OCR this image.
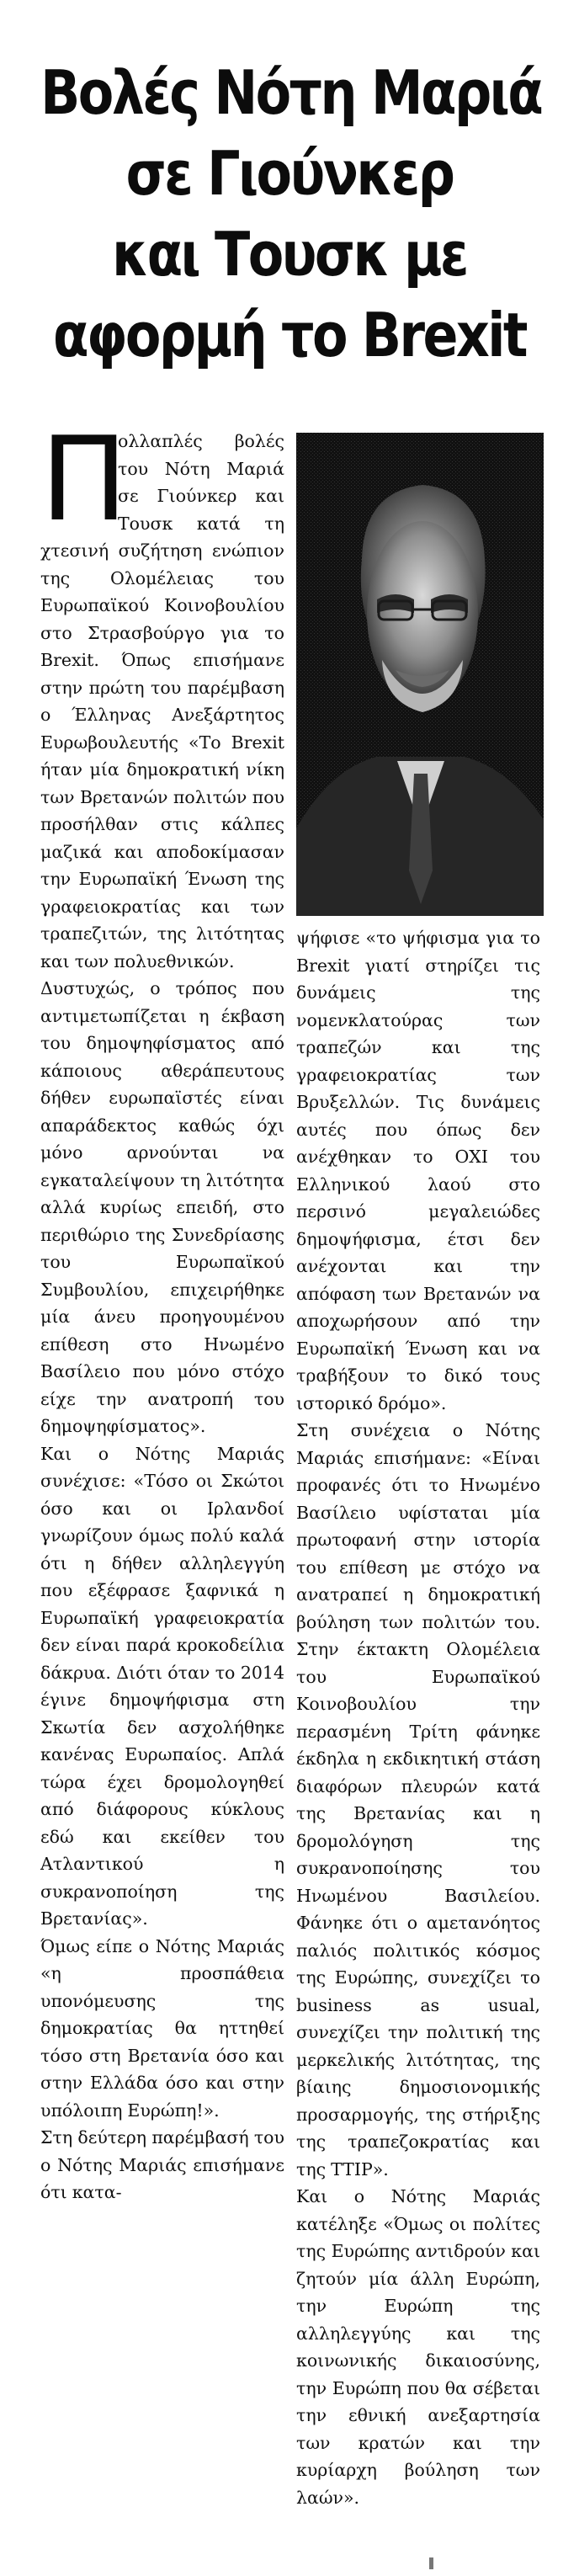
Βολές Νότη Μαριά
σε Γιούνκερ
και Τουσκ με
αφορμή το Brexit

Π
ολλαπλές βολές του Νότη Μαριά σε Γιούνκερ και Τουσκ κατά τη χτεσινή συζήτηση ενώπιον της Ολομέλειας του Ευρωπαϊκού Κοινοβουλίου στο Στρασβούργο για το Brexit. Όπως επισήμανε στην πρώτη του παρέμβαση ο Έλληνας Ανεξάρτητος Ευρωβουλευτής «Το Brexit ήταν μία δημοκρατική νίκη των Βρετανών πολιτών που προσήλθαν στις κάλπες μαζικά και αποδοκίμασαν την Ευρωπαϊκή Ένωση της γραφειοκρατίας και των τραπεζιτών, της λιτότητας και των πολυεθνικών.

Δυστυχώς, ο τρόπος που αντιμετωπίζεται η έκβαση του δημοψηφίσματος από κάποιους αθεράπευτους δήθεν ευρωπαϊστές είναι απαράδεκτος καθώς όχι μόνο αρνούνται να εγκαταλείψουν τη λιτότητα αλλά κυρίως επειδή, στο περιθώριο της Συνεδρίασης του Ευρωπαϊκού Συμβουλίου, επιχειρήθηκε μία άνευ προηγουμένου επίθεση στο Ηνωμένο Βασίλειο που μόνο στόχο είχε την ανατροπή του δημοψηφίσματος».

Και ο Νότης Μαριάς συνέχισε: «Τόσο οι Σκώτοι όσο και οι Ιρλανδοί γνωρίζουν όμως πολύ καλά ότι η δήθεν αλληλεγγύη που εξέφρασε ξαφνικά η Ευρωπαϊκή γραφειοκρατία δεν είναι παρά κροκοδείλια δάκρυα. Διότι όταν το 2014 έγινε δημοψήφισμα στη Σκωτία δεν ασχολήθηκε κανένας Ευρωπαίος. Απλά τώρα έχει δρομολογηθεί από διάφορους κύκλους εδώ και εκείθεν του Ατλαντικού η συκρανοποίηση της Βρετανίας».

Όμως είπε ο Νότης Μαριάς «η προσπάθεια υπονόμευσης της δημοκρατίας θα ηττηθεί τόσο στη Βρετανία όσο και στην Ελλάδα όσο και στην υπόλοιπη Ευρώπη!».

Στη δεύτερη παρέμβασή του ο Νότης Μαριάς επισήμανε ότι κατα-

ψήφισε «το ψήφισμα για το Brexit γιατί στηρίζει τις δυνάμεις της νομενκλατούρας των τραπεζών και της γραφειοκρατίας των Βρυξελλών. Τις δυνάμεις αυτές που όπως δεν ανέχθηκαν το ΟΧΙ του Ελληνικού λαού στο περσινό μεγαλειώδες δημοψήφισμα, έτσι δεν ανέχονται και την απόφαση των Βρετανών να αποχωρήσουν από την Ευρωπαϊκή Ένωση και να τραβήξουν το δικό τους ιστορικό δρόμο».

Στη συνέχεια ο Νότης Μαριάς επισήμανε: «Είναι προφανές ότι το Ηνωμένο Βασίλειο υφίσταται μία πρωτοφανή στην ιστορία του επίθεση με στόχο να ανατραπεί η δημοκρατική βούληση των πολιτών του. Στην έκτακτη Ολομέλεια του Ευρωπαϊκού Κοινοβουλίου την περασμένη Τρίτη φάνηκε έκδηλα η εκδικητική στάση διαφόρων πλευρών κατά της Βρετανίας και η δρομολόγηση της συκρανοποίησης του Ηνωμένου Βασιλείου. Φάνηκε ότι ο αμετανόητος παλιός πολιτικός κόσμος της Ευρώπης, συνεχίζει το business as usual, συνεχίζει την πολιτική της μερκελικής λιτότητας, της βίαιης δημοσιονομικής προσαρμογής, της στήριξης της τραπεζοκρατίας και της TTIP».

Και ο Νότης Μαριάς κατέληξε «Όμως οι πολίτες της Ευρώπης αντιδρούν και ζητούν μία άλλη Ευρώπη, την Ευρώπη της αλληλεγγύης και της κοινωνικής δικαιοσύνης, την Ευρώπη που θα σέβεται την εθνική ανεξαρτησία των κρατών και την κυρίαρχη βούληση των λαών».
